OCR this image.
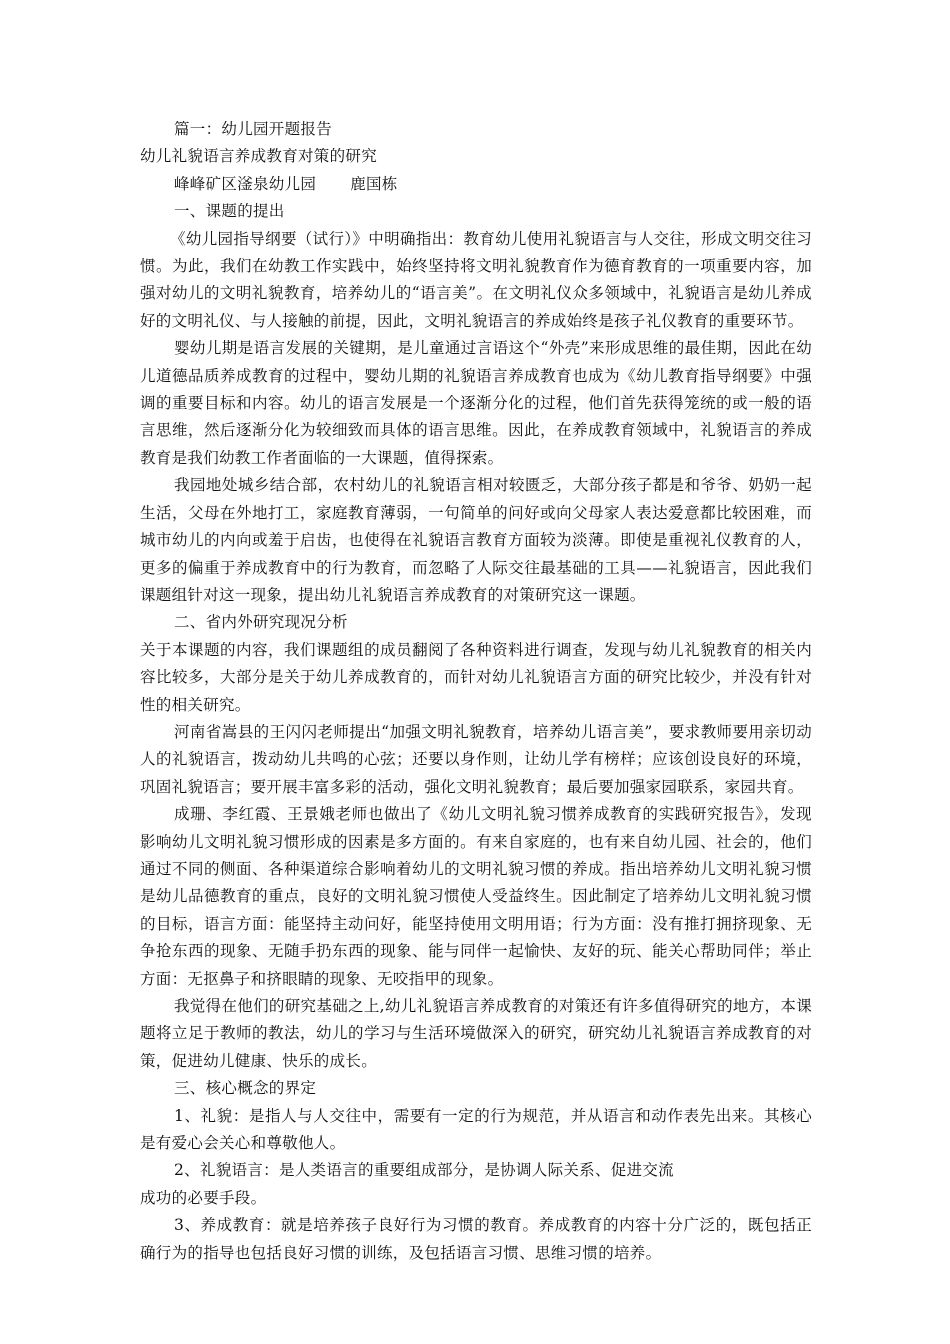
篇一：幼儿园开题报告

幼儿礼貌语言养成教育对策的研究

峰峰矿区滏泉幼儿园 鹿国栋

一、课题的提出

《幼儿园指导纲要（试行）》中明确指出：教育幼儿使用礼貌语言与人交往，形成文明交往习惯。为此，我们在幼教工作实践中，始终坚持将文明礼貌教育作为德育教育的一项重要内容，加强对幼儿的文明礼貌教育，培养幼儿的“语言美”。在文明礼仪众多领域中，礼貌语言是幼儿养成好的文明礼仪、与人接触的前提，因此，文明礼貌语言的养成始终是孩子礼仪教育的重要环节。

婴幼儿期是语言发展的关键期，是儿童通过言语这个“外壳”来形成思维的最佳期，因此在幼儿道德品质养成教育的过程中，婴幼儿期的礼貌语言养成教育也成为《幼儿教育指导纲要》中强调的重要目标和内容。幼儿的语言发展是一个逐渐分化的过程，他们首先获得笼统的或一般的语言思维，然后逐渐分化为较细致而具体的语言思维。因此，在养成教育领域中，礼貌语言的养成教育是我们幼教工作者面临的一大课题，值得探索。

我园地处城乡结合部，农村幼儿的礼貌语言相对较匮乏，大部分孩子都是和爷爷、奶奶一起生活，父母在外地打工，家庭教育薄弱，一句简单的问好或向父母家人表达爱意都比较困难，而城市幼儿的内向或羞于启齿，也使得在礼貌语言教育方面较为淡薄。即使是重视礼仪教育的人，更多的偏重于养成教育中的行为教育，而忽略了人际交往最基础的工具——礼貌语言，因此我们课题组针对这一现象，提出幼儿礼貌语言养成教育的对策研究这一课题。

二、省内外研究现况分析

关于本课题的内容，我们课题组的成员翻阅了各种资料进行调查，发现与幼儿礼貌教育的相关内容比较多，大部分是关于幼儿养成教育的，而针对幼儿礼貌语言方面的研究比较少，并没有针对性的相关研究。

河南省嵩县的王闪闪老师提出“加强文明礼貌教育，培养幼儿语言美”，要求教师要用亲切动人的礼貌语言，拨动幼儿共鸣的心弦；还要以身作则，让幼儿学有榜样；应该创设良好的环境，巩固礼貌语言；要开展丰富多彩的活动，强化文明礼貌教育；最后要加强家园联系，家园共育。

成珊、李红霞、王景娥老师也做出了《幼儿文明礼貌习惯养成教育的实践研究报告》，发现影响幼儿文明礼貌习惯形成的因素是多方面的。有来自家庭的，也有来自幼儿园、社会的，他们通过不同的侧面、各种渠道综合影响着幼儿的文明礼貌习惯的养成。指出培养幼儿文明礼貌习惯是幼儿品德教育的重点，良好的文明礼貌习惯使人受益终生。因此制定了培养幼儿文明礼貌习惯的目标，语言方面：能坚持主动问好，能坚持使用文明用语；行为方面：没有推打拥挤现象、无争抢东西的现象、无随手扔东西的现象、能与同伴一起愉快、友好的玩、能关心帮助同伴；举止方面：无抠鼻子和挤眼睛的现象、无咬指甲的现象。

我觉得在他们的研究基础之上,幼儿礼貌语言养成教育的对策还有许多值得研究的地方，本课题将立足于教师的教法，幼儿的学习与生活环境做深入的研究，研究幼儿礼貌语言养成教育的对策，促进幼儿健康、快乐的成长。

三、核心概念的界定

1、礼貌：是指人与人交往中，需要有一定的行为规范，并从语言和动作表先出来。其核心是有爱心会关心和尊敬他人。

2、礼貌语言：是人类语言的重要组成部分，是协调人际关系、促进交流

成功的必要手段。

3、养成教育：就是培养孩子良好行为习惯的教育。养成教育的内容十分广泛的，既包括正确行为的指导也包括良好习惯的训练，及包括语言习惯、思维习惯的培养。
